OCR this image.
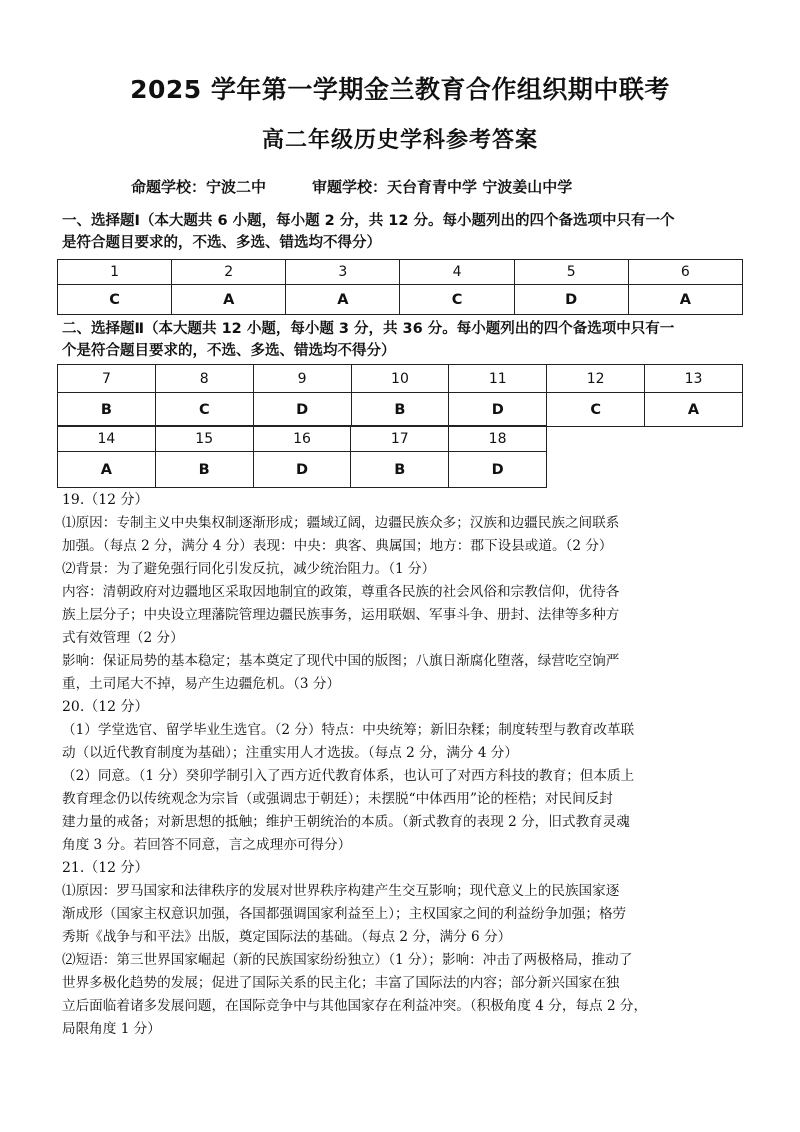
2025 学年第一学期金兰教育合作组织期中联考
高二年级历史学科参考答案
命题学校：宁波二中	审题学校：天台育青中学 宁波姜山中学
一、选择题Ⅰ（本大题共 6 小题，每小题 2 分，共 12 分。每小题列出的四个备选项中只有一个
是符合题目要求的，不选、多选、错选均不得分）
1	2	3	4	5	6
C	A	A	C	D	A
二、选择题Ⅱ（本大题共 12 小题，每小题 3 分，共 36 分。每小题列出的四个备选项中只有一
个是符合题目要求的，不选、多选、错选均不得分）
7	8	9	10	11	12	13
B	C	D	B	D	C	A
14	15	16	17	18
A	B	D	B	D
19.（12 分）
⑴原因：专制主义中央集权制逐渐形成；疆域辽阔，边疆民族众多；汉族和边疆民族之间联系
加强。（每点 2 分，满分 4 分）表现：中央：典客、典属国；地方：郡下设县或道。（2 分）
⑵背景：为了避免强行同化引发反抗，减少统治阻力。（1 分）
内容：清朝政府对边疆地区采取因地制宜的政策，尊重各民族的社会风俗和宗教信仰，优待各
族上层分子；中央设立理藩院管理边疆民族事务，运用联姻、军事斗争、册封、法律等多种方
式有效管理（2 分）
影响：保证局势的基本稳定；基本奠定了现代中国的版图；八旗日渐腐化堕落，绿营吃空饷严
重，土司尾大不掉，易产生边疆危机。（3 分）
20.（12 分）
（1）学堂选官、留学毕业生选官。（2 分）特点：中央统筹；新旧杂糅；制度转型与教育改革联
动（以近代教育制度为基础）；注重实用人才选拔。（每点 2 分，满分 4 分）
（2）同意。（1 分）癸卯学制引入了西方近代教育体系，也认可了对西方科技的教育；但本质上
教育理念仍以传统观念为宗旨（或强调忠于朝廷）；未摆脱“中体西用”论的桎梏；对民间反封
建力量的戒备；对新思想的抵触；维护王朝统治的本质。（新式教育的表现 2 分，旧式教育灵魂
角度 3 分。若回答不同意，言之成理亦可得分）
21.（12 分）
⑴原因：罗马国家和法律秩序的发展对世界秩序构建产生交互影响；现代意义上的民族国家逐
渐成形（国家主权意识加强，各国都强调国家利益至上）；主权国家之间的利益纷争加强；格劳
秀斯《战争与和平法》出版，奠定国际法的基础。（每点 2 分，满分 6 分）
⑵短语：第三世界国家崛起（新的民族国家纷纷独立）（1 分）；影响：冲击了两极格局，推动了
世界多极化趋势的发展；促进了国际关系的民主化；丰富了国际法的内容；部分新兴国家在独
立后面临着诸多发展问题，在国际竞争中与其他国家存在利益冲突。（积极角度 4 分，每点 2 分，
局限角度 1 分）
